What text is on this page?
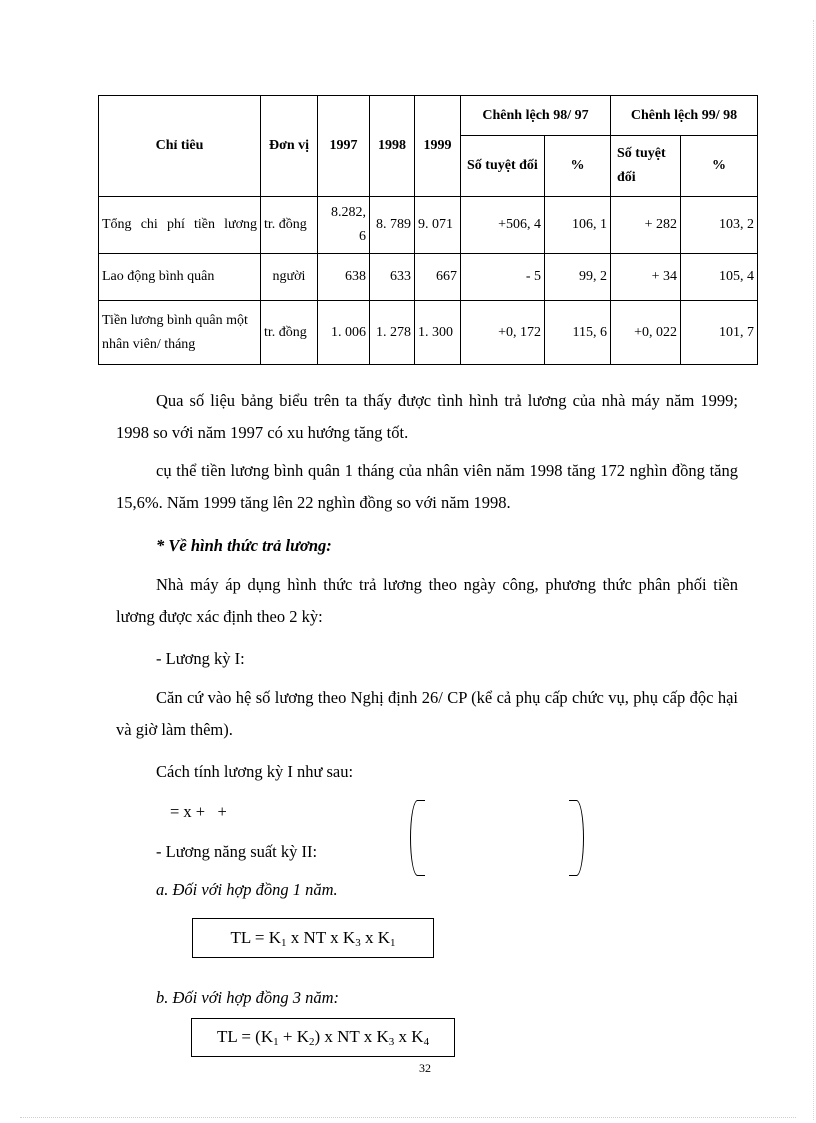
Chỉ tiêu	Đơn vị	1997	1998	1999	Chênh lệch 98/ 97		Chênh lệch 99/ 98	
					Số tuyệt đối	%	Số tuyệt đối	%
Tổng chi phí tiền lương	tr. đồng	8.282, 6	8. 789	9. 071	+506, 4	106, 1	+ 282	103, 2
Lao động bình quân	người	638	633	667	- 5	99, 2	+ 34	105, 4
Tiền lương bình quân một nhân viên/ tháng	tr. đồng	1. 006	1. 278	1. 300	+0, 172	115, 6	+0, 022	101, 7

Qua số liệu bảng biểu trên ta thấy được tình hình trả lương của nhà máy năm 1999; 1998 so với năm 1997 có xu hướng tăng tốt.

cụ thể tiền lương bình quân 1 tháng của nhân viên năm 1998 tăng 172 nghìn đồng tăng 15,6%. Năm 1999 tăng lên 22 nghìn đồng so với năm 1998.

* Về hình thức trả lương:

Nhà máy áp dụng hình thức trả lương theo ngày công, phương thức phân phối tiền lương được xác định theo 2 kỳ:

- Lương kỳ I:

Căn cứ vào hệ số lương theo Nghị định 26/ CP (kể cả phụ cấp chức vụ, phụ cấp độc hại và giờ làm thêm).

Cách tính lương kỳ I như sau:

= x +   +

- Lương năng suất kỳ II:

a. Đối với hợp đồng 1 năm.

TL = $K_1$ x NT x $K_3$ x $K_1$

b. Đối với hợp đồng 3 năm:

TL = $(K_1 + K_2)$ x NT x $K_3$ x $K_4$
32
